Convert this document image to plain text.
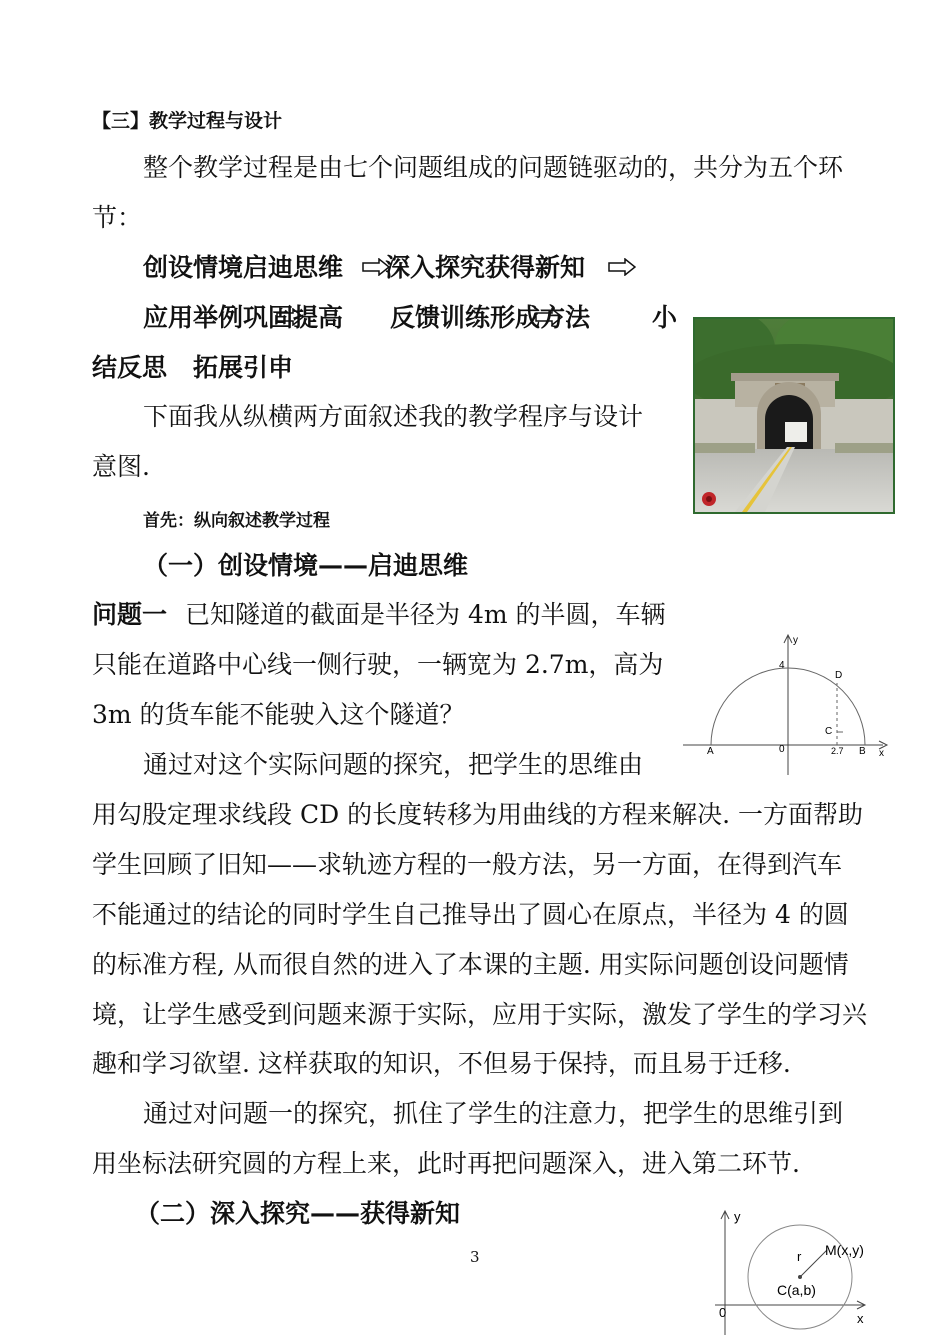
【三】教学过程与设计
整个教学过程是由七个问题组成的问题链驱动的，共分为五个环
节：
创设情境启迪思维 深入探究获得新知
应用举例巩固提高 反馈训练形成方法 小
结反思 拓展引申
下面我从纵横两方面叙述我的教学程序与设计
意图.
首先：纵向叙述教学过程
（一）创设情境——启迪思维
问题一 已知隧道的截面是半径为 4m 的半圆，车辆
只能在道路中心线一侧行驶，一辆宽为 2.7m，高为
3m 的货车能不能驶入这个隧道？
y
x
4
0
A	B
C
D
2.7
通过对这个实际问题的探究，把学生的思维由
用勾股定理求线段 CD 的长度转移为用曲线的方程来解决. 一方面帮助
学生回顾了旧知——求轨迹方程的一般方法，另一方面，在得到汽车
不能通过的结论的同时学生自己推导出了圆心在原点，半径为 4 的圆
的标准方程, 从而很自然的进入了本课的主题. 用实际问题创设问题情
境，让学生感受到问题来源于实际，应用于实际，激发了学生的学习兴
趣和学习欲望. 这样获取的知识，不但易于保持，而且易于迁移.
通过对问题一的探究，抓住了学生的注意力，把学生的思维引到
用坐标法研究圆的方程上来，此时再把问题深入，进入第二环节.
（二）深入探究——获得新知
3
y
x
0
r M(x,y)
C(a,b)
